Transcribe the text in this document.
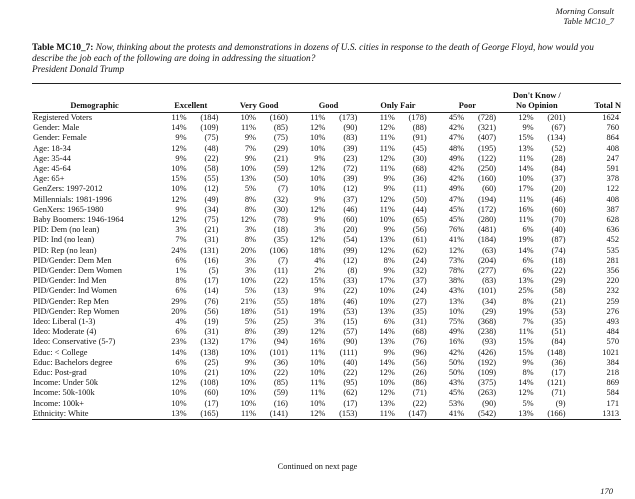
Morning Consult
Table MC10_7
Table MC10_7: Now, thinking about the protests and demonstrations in dozens of U.S. cities in response to the death of George Floyd, how would you describe the job each of the following are doing in addressing the situation?
President Donald Trump
Demographic	Excellent		Very Good		Good		Only Fair		Poor		Don't Know /
No Opinion		Total N
Registered Voters	11%	(184)	10%	(160)	11%	(173)	11%	(178)	45%	(728)	12%	(201)	1624
Gender: Male	14%	(109)	11%	(85)	12%	(90)	12%	(88)	42%	(321)	9%	(67)	760
Gender: Female	9%	(75)	9%	(75)	10%	(83)	11%	(91)	47%	(407)	15%	(134)	864
Age: 18-34	12%	(48)	7%	(29)	10%	(39)	11%	(45)	48%	(195)	13%	(52)	408
Age: 35-44	9%	(22)	9%	(21)	9%	(23)	12%	(30)	49%	(122)	11%	(28)	247
Age: 45-64	10%	(58)	10%	(59)	12%	(72)	11%	(68)	42%	(250)	14%	(84)	591
Age: 65+	15%	(55)	13%	(50)	10%	(39)	9%	(36)	42%	(160)	10%	(37)	378
GenZers: 1997-2012	10%	(12)	5%	(7)	10%	(12)	9%	(11)	49%	(60)	17%	(20)	122
Millennials: 1981-1996	12%	(49)	8%	(32)	9%	(37)	12%	(50)	47%	(194)	11%	(46)	408
GenXers: 1965-1980	9%	(34)	8%	(30)	12%	(46)	11%	(44)	45%	(172)	16%	(60)	387
Baby Boomers: 1946-1964	12%	(75)	12%	(78)	9%	(60)	10%	(65)	45%	(280)	11%	(70)	628
PID: Dem (no lean)	3%	(21)	3%	(18)	3%	(20)	9%	(56)	76%	(481)	6%	(40)	636
PID: Ind (no lean)	7%	(31)	8%	(35)	12%	(54)	13%	(61)	41%	(184)	19%	(87)	452
PID: Rep (no lean)	24%	(131)	20%	(106)	18%	(99)	12%	(62)	12%	(63)	14%	(74)	535
PID/Gender: Dem Men	6%	(16)	3%	(7)	4%	(12)	8%	(24)	73%	(204)	6%	(18)	281
PID/Gender: Dem Women	1%	(5)	3%	(11)	2%	(8)	9%	(32)	78%	(277)	6%	(22)	356
PID/Gender: Ind Men	8%	(17)	10%	(22)	15%	(33)	17%	(37)	38%	(83)	13%	(29)	220
PID/Gender: Ind Women	6%	(14)	5%	(13)	9%	(22)	10%	(24)	43%	(101)	25%	(58)	232
PID/Gender: Rep Men	29%	(76)	21%	(55)	18%	(46)	10%	(27)	13%	(34)	8%	(21)	259
PID/Gender: Rep Women	20%	(56)	18%	(51)	19%	(53)	13%	(35)	10%	(29)	19%	(53)	276
Ideo: Liberal (1-3)	4%	(19)	5%	(25)	3%	(15)	6%	(31)	75%	(368)	7%	(35)	493
Ideo: Moderate (4)	6%	(31)	8%	(39)	12%	(57)	14%	(68)	49%	(238)	11%	(51)	484
Ideo: Conservative (5-7)	23%	(132)	17%	(94)	16%	(90)	13%	(76)	16%	(93)	15%	(84)	570
Educ: < College	14%	(138)	10%	(101)	11%	(111)	9%	(96)	42%	(426)	15%	(148)	1021
Educ: Bachelors degree	6%	(25)	9%	(36)	10%	(40)	14%	(56)	50%	(192)	9%	(36)	384
Educ: Post-grad	10%	(21)	10%	(22)	10%	(22)	12%	(26)	50%	(109)	8%	(17)	218
Income: Under 50k	12%	(108)	10%	(85)	11%	(95)	10%	(86)	43%	(375)	14%	(121)	869
Income: 50k-100k	10%	(60)	10%	(59)	11%	(62)	12%	(71)	45%	(263)	12%	(71)	584
Income: 100k+	10%	(17)	10%	(16)	10%	(17)	13%	(22)	53%	(90)	5%	(9)	171
Ethnicity: White	13%	(165)	11%	(141)	12%	(153)	11%	(147)	41%	(542)	13%	(166)	1313
Continued on next page
170
